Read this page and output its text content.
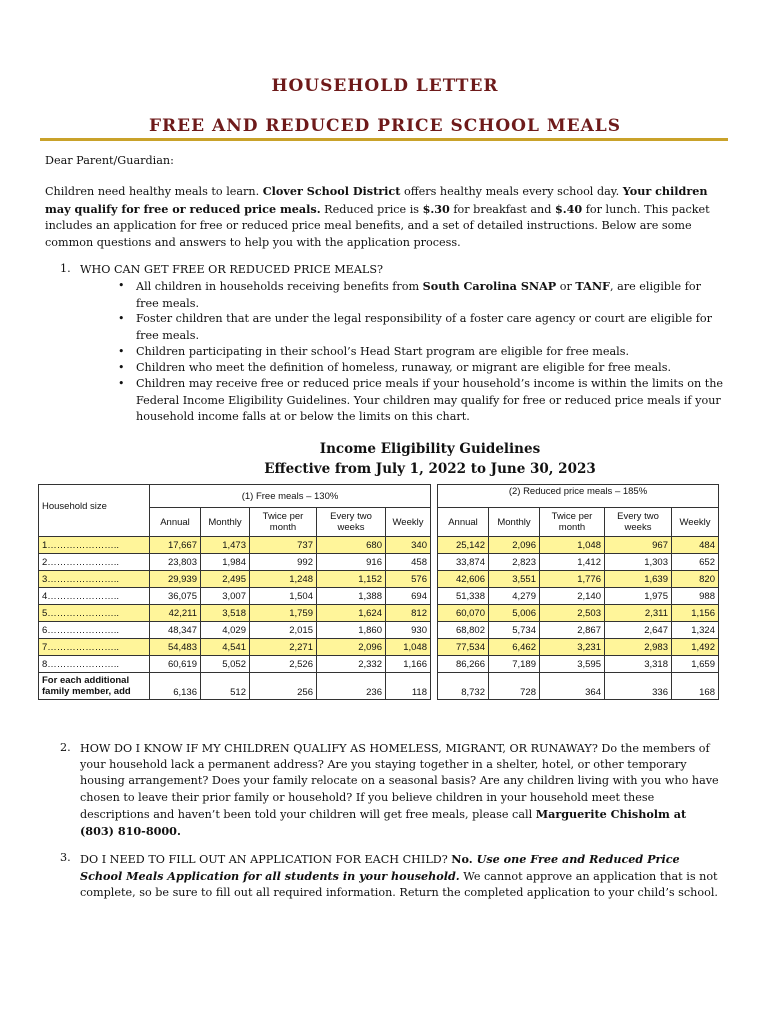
HOUSEHOLD LETTER
FREE AND REDUCED PRICE SCHOOL MEALS
Dear Parent/Guardian:
Children need healthy meals to learn. Clover School District offers healthy meals every school day. Your children may qualify for free or reduced price meals. Reduced price is $.30 for breakfast and $.40 for lunch. This packet includes an application for free or reduced price meal benefits, and a set of detailed instructions. Below are some common questions and answers to help you with the application process.
1. WHO CAN GET FREE OR REDUCED PRICE MEALS?
• All children in households receiving benefits from South Carolina SNAP or TANF, are eligible for free meals.
• Foster children that are under the legal responsibility of a foster care agency or court are eligible for free meals.
• Children participating in their school’s Head Start program are eligible for free meals.
• Children who meet the definition of homeless, runaway, or migrant are eligible for free meals.
• Children may receive free or reduced price meals if your household’s income is within the limits on the Federal Income Eligibility Guidelines. Your children may qualify for free or reduced price meals if your household income falls at or below the limits on this chart.
Income Eligibility Guidelines
Effective from July 1, 2022 to June 30, 2023
Household size	(1) Free meals – 130%						(2) Reduced price meals – 185%				
	Annual	Monthly	Twice per month	Every two weeks	Weekly		Annual	Monthly	Twice per month	Every two weeks	Weekly
1…………………..	17,667	1,473	737	680	340		25,142	2,096	1,048	967	484
2…………………..	23,803	1,984	992	916	458		33,874	2,823	1,412	1,303	652
3…………………..	29,939	2,495	1,248	1,152	576		42,606	3,551	1,776	1,639	820
4…………………..	36,075	3,007	1,504	1,388	694		51,338	4,279	2,140	1,975	988
5…………………..	42,211	3,518	1,759	1,624	812		60,070	5,006	2,503	2,311	1,156
6…………………..	48,347	4,029	2,015	1,860	930		68,802	5,734	2,867	2,647	1,324
7…………………..	54,483	4,541	2,271	2,096	1,048		77,534	6,462	3,231	2,983	1,492
8…………………..	60,619	5,052	2,526	2,332	1,166		86,266	7,189	3,595	3,318	1,659
For each additional family member, add	6,136	512	256	236	118		8,732	728	364	336	168
2. HOW DO I KNOW IF MY CHILDREN QUALIFY AS HOMELESS, MIGRANT, OR RUNAWAY? Do the members of your household lack a permanent address? Are you staying together in a shelter, hotel, or other temporary housing arrangement? Does your family relocate on a seasonal basis? Are any children living with you who have chosen to leave their prior family or household? If you believe children in your household meet these descriptions and haven’t been told your children will get free meals, please call Marguerite Chisholm at (803) 810-8000.
3. DO I NEED TO FILL OUT AN APPLICATION FOR EACH CHILD? No. Use one Free and Reduced Price School Meals Application for all students in your household. We cannot approve an application that is not complete, so be sure to fill out all required information. Return the completed application to your child’s school.
